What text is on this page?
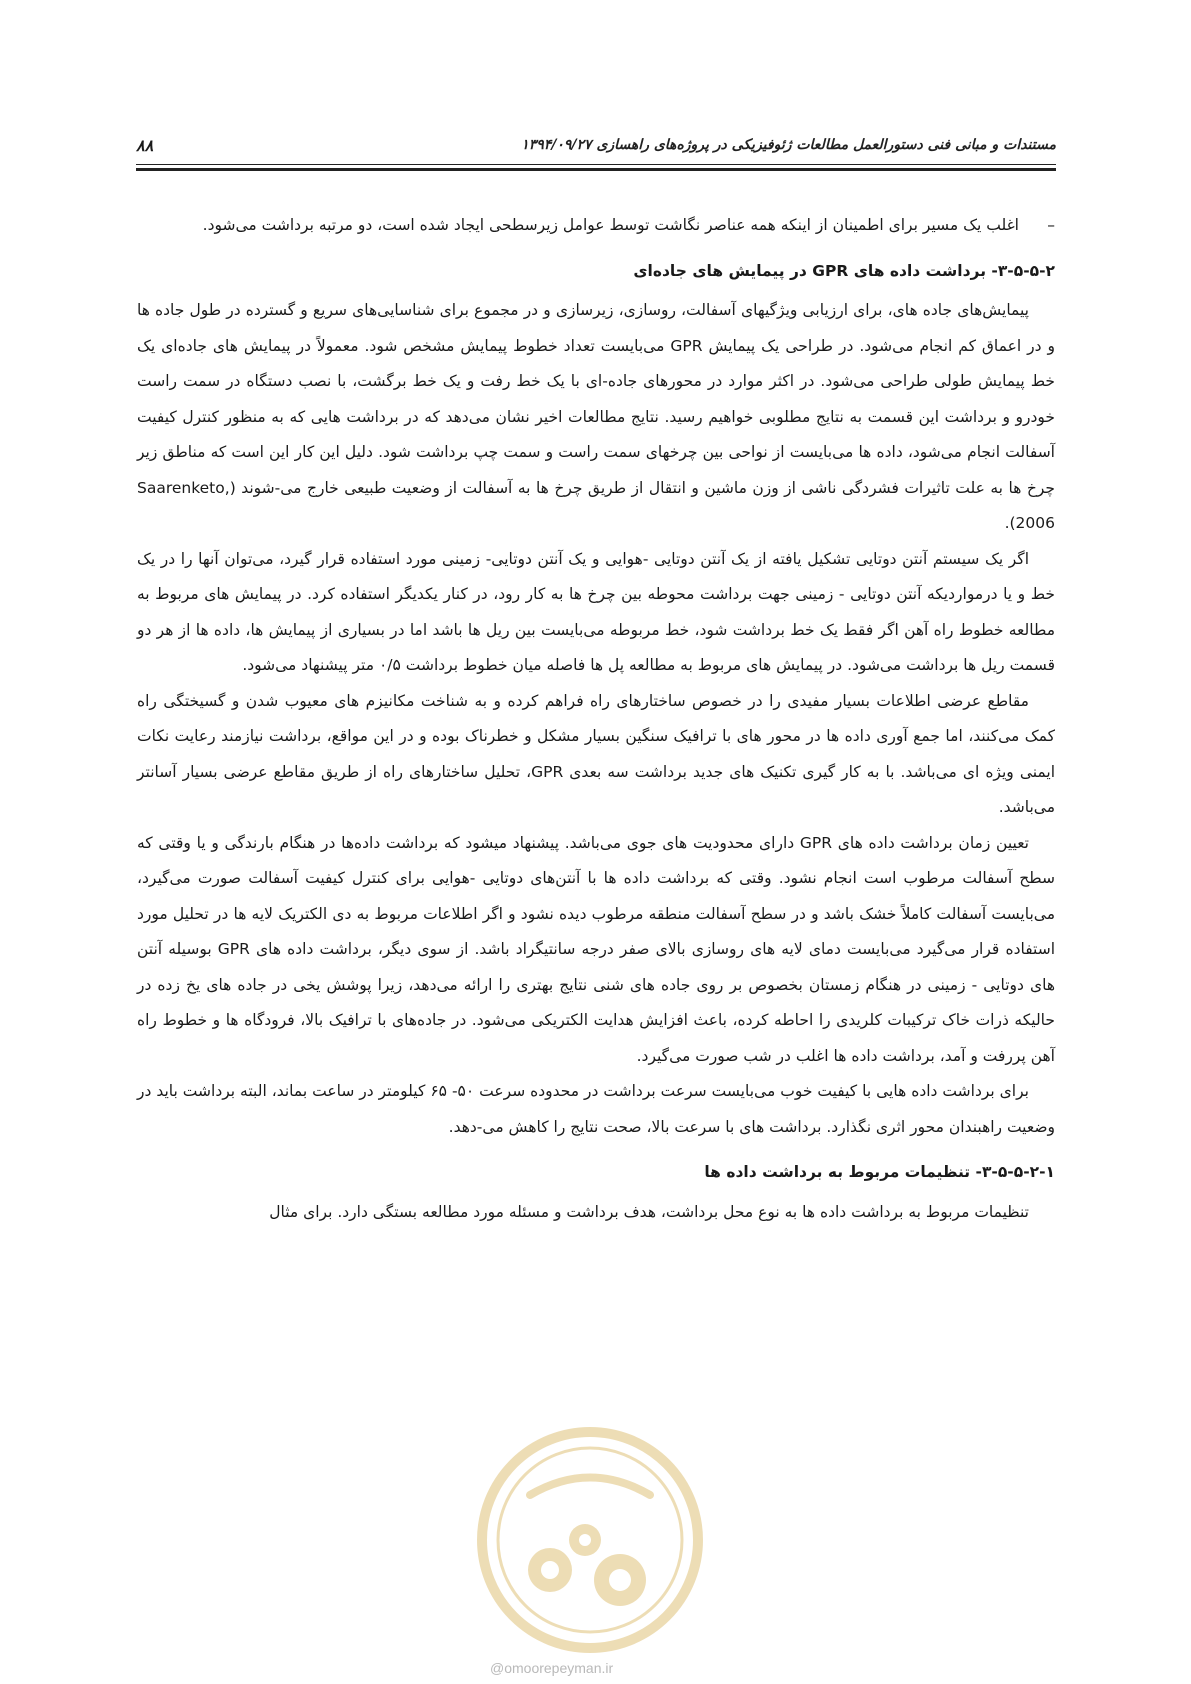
مستندات و مبانی فنی دستورالعمل مطالعات ژئوفیزیکی در پروژه‌های راهسازی ۱۳۹۴/۰۹/۲۷
۸۸

–
اغلب یک مسیر برای اطمینان از اینکه همه عناصر نگاشت توسط عوامل زیرسطحی ایجاد شده است، دو مرتبه برداشت می‌شود.

۳-۵-۵-۲- برداشت داده های GPR در پیمایش های جاده‌ای

پیمایش‌های جاده های، برای ارزیابی ویژگیهای آسفالت، روسازی، زیرسازی و در مجموع برای شناسایی‌های سریع و گسترده در طول جاده ها و در اعماق کم انجام می‌شود. در طراحی یک پیمایش GPR می‌بایست تعداد خطوط پیمایش مشخص شود. معمولاً در پیمایش های جاده‌ای یک خط پیمایش طولی طراحی می‌شود. در اکثر موارد در محورهای جاده-ای با یک خط رفت و یک خط برگشت، با نصب دستگاه در سمت راست خودرو و برداشت این قسمت به نتایج مطلوبی خواهیم رسید. نتایج مطالعات اخیر نشان می‌دهد که در برداشت هایی که به منظور کنترل کیفیت آسفالت انجام می‌شود، داده ها می‌بایست از نواحی بین چرخهای سمت راست و سمت چپ برداشت شود. دلیل این کار این است که مناطق زیر چرخ ها به علت تاثیرات فشردگی ناشی از وزن ماشین و انتقال از طریق چرخ ها به آسفالت از وضعیت طبیعی خارج می-شوند (Saarenketo, 2006).

اگر یک سیستم آنتن دوتایی تشکیل یافته از یک آنتن دوتایی -هوایی و یک آنتن دوتایی- زمینی مورد استفاده قرار گیرد، می‌توان آنها را در یک خط و یا درمواردیکه آنتن دوتایی - زمینی جهت برداشت محوطه بین چرخ ها به کار رود، در کنار یکدیگر استفاده کرد. در پیمایش های مربوط به مطالعه خطوط راه آهن اگر فقط یک خط برداشت شود، خط مربوطه می‌بایست بین ریل ها باشد اما در بسیاری از پیمایش ها، داده ها از هر دو قسمت ریل ها برداشت می‌شود. در پیمایش های مربوط به مطالعه پل ها فاصله میان خطوط برداشت ۰/۵ متر پیشنهاد می‌شود.

مقاطع عرضی اطلاعات بسیار مفیدی را در خصوص ساختارهای راه فراهم کرده و به شناخت مکانیزم های معیوب شدن و گسیختگی راه کمک می‌کنند، اما جمع آوری داده ها در محور های با ترافیک سنگین بسیار مشکل و خطرناک بوده و در این مواقع، برداشت نیازمند رعایت نکات ایمنی ویژه ای می‌باشد. با به کار گیری تکنیک های جدید برداشت سه بعدی GPR، تحلیل ساختارهای راه از طریق مقاطع عرضی بسیار آسانتر می‌باشد.

تعیین زمان برداشت داده های GPR دارای محدودیت های جوی می‌باشد. پیشنهاد میشود که برداشت داده‌ها در هنگام بارندگی و یا وقتی که سطح آسفالت مرطوب است انجام نشود. وقتی که برداشت داده ها با آنتن‌های دوتایی -هوایی برای کنترل کیفیت آسفالت صورت می‌گیرد، می‌بایست آسفالت کاملاً خشک باشد و در سطح آسفالت منطقه مرطوب دیده نشود و اگر اطلاعات مربوط به دی الکتریک لایه ها در تحلیل مورد استفاده قرار می‌گیرد می‌بایست دمای لایه های روسازی بالای صفر درجه سانتیگراد باشد. از سوی دیگر، برداشت داده های GPR بوسیله آنتن های دوتایی - زمینی در هنگام زمستان بخصوص بر روی جاده های شنی نتایج بهتری را ارائه می‌دهد، زیرا پوشش یخی در جاده های یخ زده در حالیکه ذرات خاک ترکیبات کلریدی را احاطه کرده، باعث افزایش هدایت الکتریکی می‌شود. در جاده‌های با ترافیک بالا، فرودگاه ها و خطوط راه آهن پررفت و آمد، برداشت داده ها اغلب در شب صورت می‌گیرد.

برای برداشت داده هایی با کیفیت خوب می‌بایست سرعت برداشت در محدوده سرعت ۵۰- ۶۵ کیلومتر در ساعت بماند، البته برداشت باید در وضعیت راهبندان محور اثری نگذارد. برداشت های با سرعت بالا، صحت نتایج را کاهش می-دهد.

۳-۵-۵-۲-۱- تنظیمات مربوط به برداشت داده ها

تنظیمات مربوط به برداشت داده ها به نوع محل برداشت، هدف برداشت و مسئله مورد مطالعه بستگی دارد. برای مثال

@omoorepeyman.ir
